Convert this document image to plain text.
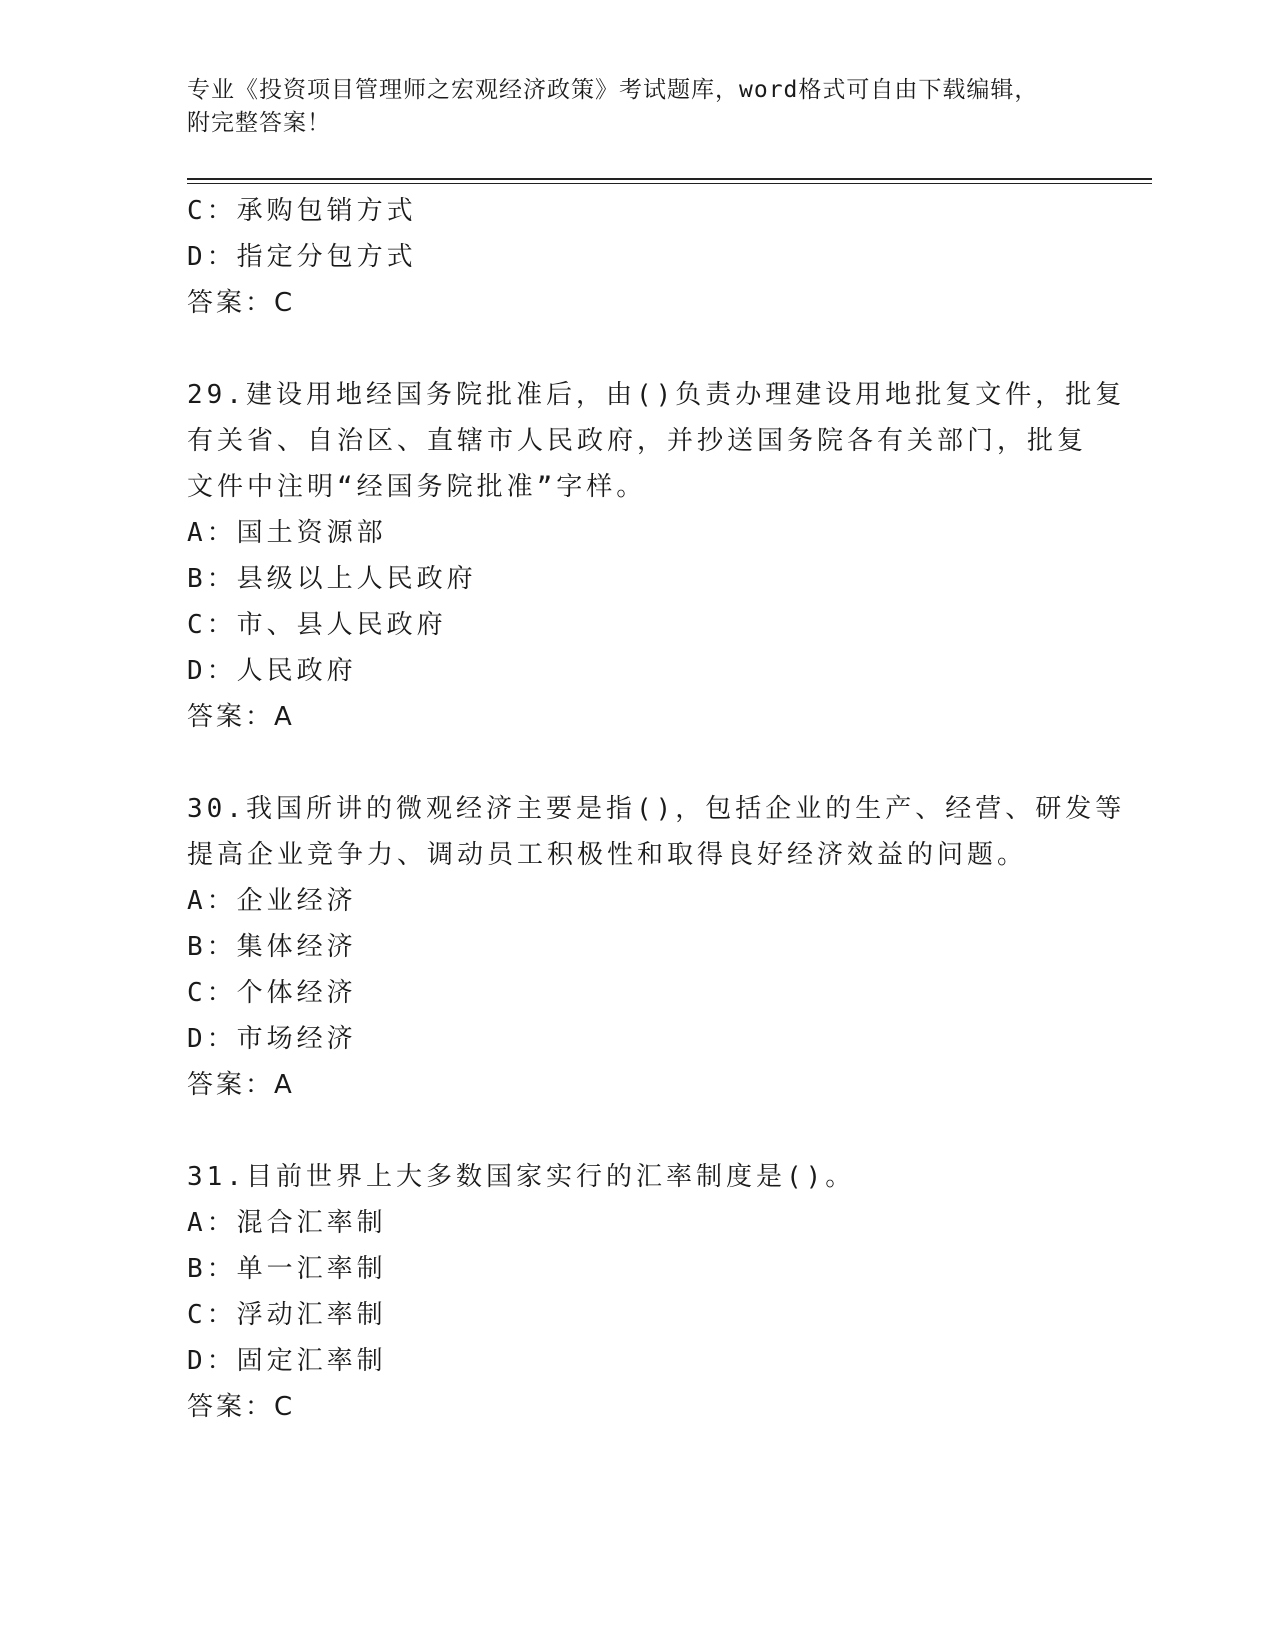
专业《投资项目管理师之宏观经济政策》考试题库，word格式可自由下载编辑，
附完整答案！
C：承购包销方式
D：指定分包方式
答案：C
29.建设用地经国务院批准后，由()负责办理建设用地批复文件，批复
有关省、自治区、直辖市人民政府，并抄送国务院各有关部门，批复
文件中注明“经国务院批准”字样。
A：国土资源部
B：县级以上人民政府
C：市、县人民政府
D：人民政府
答案：A
30.我国所讲的微观经济主要是指()，包括企业的生产、经营、研发等
提高企业竞争力、调动员工积极性和取得良好经济效益的问题。
A：企业经济
B：集体经济
C：个体经济
D：市场经济
答案：A
31.目前世界上大多数国家实行的汇率制度是()。
A：混合汇率制
B：单一汇率制
C：浮动汇率制
D：固定汇率制
答案：C
